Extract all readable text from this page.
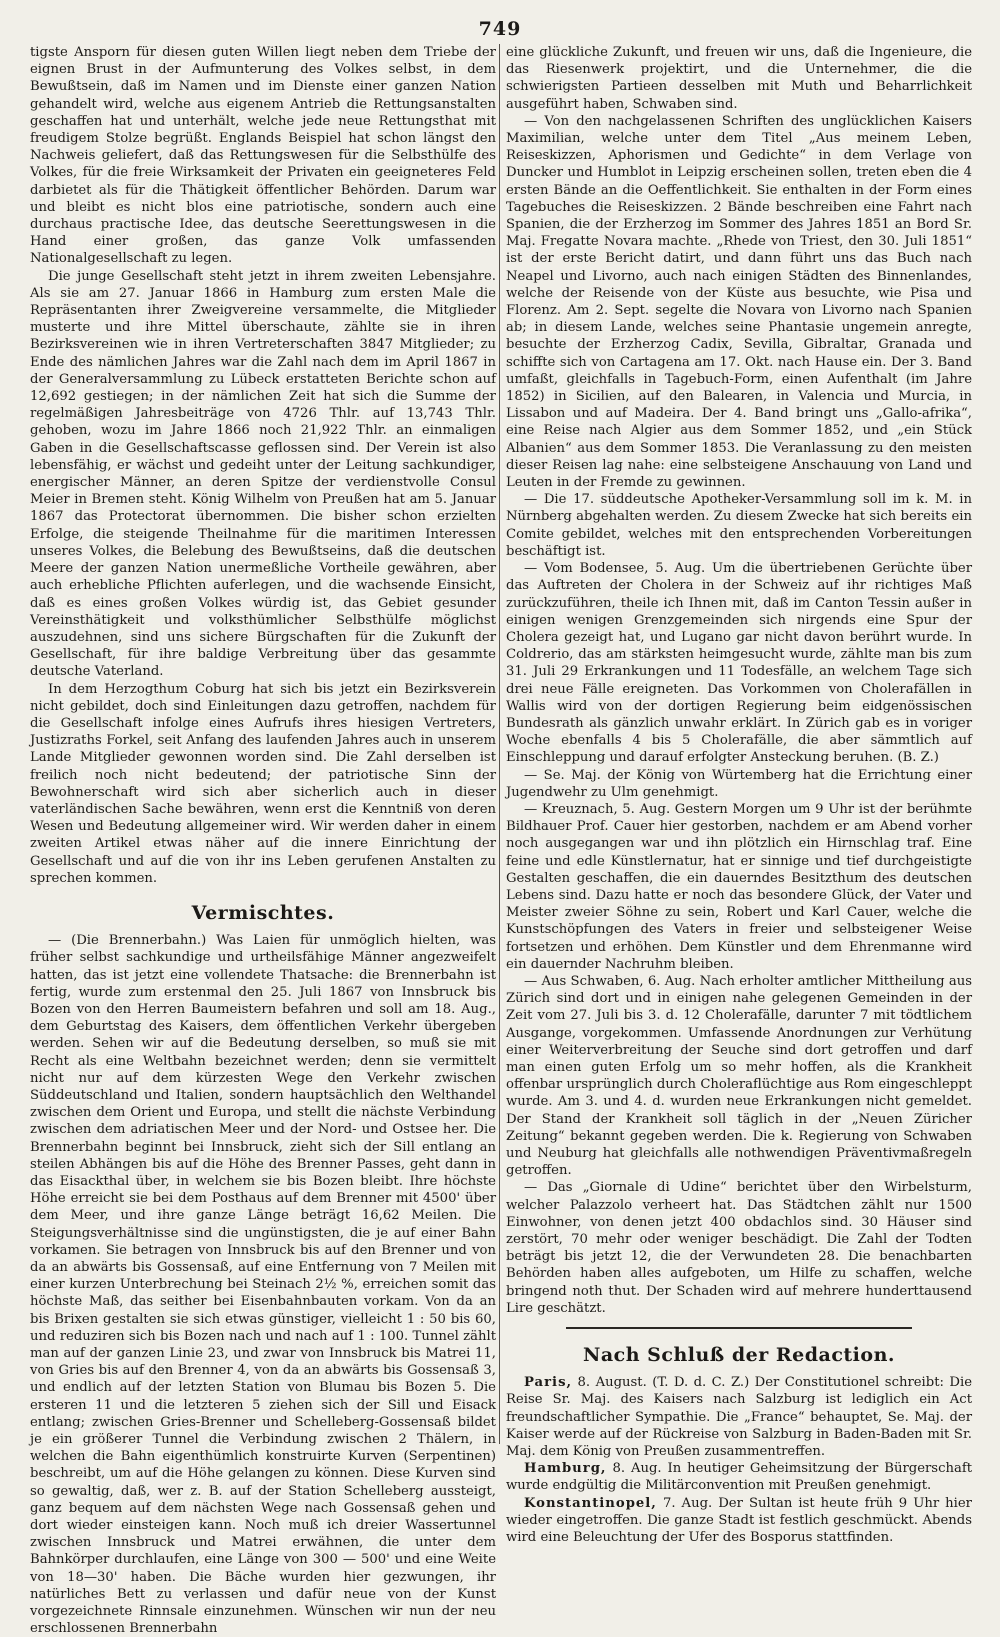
749

tigste Ansporn für diesen guten Willen liegt neben dem Triebe der eignen Brust in der Aufmunterung des Volkes selbst, in dem Bewußtsein, daß im Namen und im Dienste einer ganzen Nation gehandelt wird, welche aus eigenem Antrieb die Rettungsanstalten geschaffen hat und unterhält, welche jede neue Rettungsthat mit freudigem Stolze begrüßt. Englands Beispiel hat schon längst den Nachweis geliefert, daß das Rettungswesen für die Selbsthülfe des Volkes, für die freie Wirksamkeit der Privaten ein geeigneteres Feld darbietet als für die Thätigkeit öffentlicher Behörden. Darum war und bleibt es nicht blos eine patriotische, sondern auch eine durchaus practische Idee, das deutsche Seerettungswesen in die Hand einer großen, das ganze Volk umfassenden Nationalgesellschaft zu legen.

Die junge Gesellschaft steht jetzt in ihrem zweiten Lebensjahre. Als sie am 27. Januar 1866 in Hamburg zum ersten Male die Repräsentanten ihrer Zweigvereine versammelte, die Mitglieder musterte und ihre Mittel überschaute, zählte sie in ihren Bezirksvereinen wie in ihren Vertreterschaften 3847 Mitglieder; zu Ende des nämlichen Jahres war die Zahl nach dem im April 1867 in der Generalversammlung zu Lübeck erstatteten Berichte schon auf 12,692 gestiegen; in der nämlichen Zeit hat sich die Summe der regelmäßigen Jahresbeiträge von 4726 Thlr. auf 13,743 Thlr. gehoben, wozu im Jahre 1866 noch 21,922 Thlr. an einmaligen Gaben in die Gesellschaftscasse geflossen sind. Der Verein ist also lebensfähig, er wächst und gedeiht unter der Leitung sachkundiger, energischer Männer, an deren Spitze der verdienstvolle Consul Meier in Bremen steht. König Wilhelm von Preußen hat am 5. Januar 1867 das Protectorat übernommen. Die bisher schon erzielten Erfolge, die steigende Theilnahme für die maritimen Interessen unseres Volkes, die Belebung des Bewußtseins, daß die deutschen Meere der ganzen Nation unermeßliche Vortheile gewähren, aber auch erhebliche Pflichten auferlegen, und die wachsende Einsicht, daß es eines großen Volkes würdig ist, das Gebiet gesunder Vereinsthätigkeit und volksthümlicher Selbsthülfe möglichst auszudehnen, sind uns sichere Bürgschaften für die Zukunft der Gesellschaft, für ihre baldige Verbreitung über das gesammte deutsche Vaterland.

In dem Herzogthum Coburg hat sich bis jetzt ein Bezirksverein nicht gebildet, doch sind Einleitungen dazu getroffen, nachdem für die Gesellschaft infolge eines Aufrufs ihres hiesigen Vertreters, Justizraths Forkel, seit Anfang des laufenden Jahres auch in unserem Lande Mitglieder gewonnen worden sind. Die Zahl derselben ist freilich noch nicht bedeutend; der patriotische Sinn der Bewohnerschaft wird sich aber sicherlich auch in dieser vaterländischen Sache bewähren, wenn erst die Kenntniß von deren Wesen und Bedeutung allgemeiner wird. Wir werden daher in einem zweiten Artikel etwas näher auf die innere Einrichtung der Gesellschaft und auf die von ihr ins Leben gerufenen Anstalten zu sprechen kommen.

Vermischtes.

— (Die Brennerbahn.) Was Laien für unmöglich hielten, was früher selbst sachkundige und urtheilsfähige Männer angezweifelt hatten, das ist jetzt eine vollendete Thatsache: die Brennerbahn ist fertig, wurde zum erstenmal den 25. Juli 1867 von Innsbruck bis Bozen von den Herren Baumeistern befahren und soll am 18. Aug., dem Geburtstag des Kaisers, dem öffentlichen Verkehr übergeben werden. Sehen wir auf die Bedeutung derselben, so muß sie mit Recht als eine Weltbahn bezeichnet werden; denn sie vermittelt nicht nur auf dem kürzesten Wege den Verkehr zwischen Süddeutschland und Italien, sondern hauptsächlich den Welthandel zwischen dem Orient und Europa, und stellt die nächste Verbindung zwischen dem adriatischen Meer und der Nord- und Ostsee her. Die Brennerbahn beginnt bei Innsbruck, zieht sich der Sill entlang an steilen Abhängen bis auf die Höhe des Brenner Passes, geht dann in das Eisackthal über, in welchem sie bis Bozen bleibt. Ihre höchste Höhe erreicht sie bei dem Posthaus auf dem Brenner mit 4500' über dem Meer, und ihre ganze Länge beträgt 16,62 Meilen. Die Steigungsverhältnisse sind die ungünstigsten, die je auf einer Bahn vorkamen. Sie betragen von Innsbruck bis auf den Brenner und von da an abwärts bis Gossensaß, auf eine Entfernung von 7 Meilen mit einer kurzen Unterbrechung bei Steinach 2½ %, erreichen somit das höchste Maß, das seither bei Eisenbahnbauten vorkam. Von da an bis Brixen gestalten sie sich etwas günstiger, vielleicht 1 : 50 bis 60, und reduziren sich bis Bozen nach und nach auf 1 : 100. Tunnel zählt man auf der ganzen Linie 23, und zwar von Innsbruck bis Matrei 11, von Gries bis auf den Brenner 4, von da an abwärts bis Gossensaß 3, und endlich auf der letzten Station von Blumau bis Bozen 5. Die ersteren 11 und die letzteren 5 ziehen sich der Sill und Eisack entlang; zwischen Gries-Brenner und Schelleberg-Gossensaß bildet je ein größerer Tunnel die Verbindung zwischen 2 Thälern, in welchen die Bahn eigenthümlich konstruirte Kurven (Serpentinen) beschreibt, um auf die Höhe gelangen zu können. Diese Kurven sind so gewaltig, daß, wer z. B. auf der Station Schelleberg aussteigt, ganz bequem auf dem nächsten Wege nach Gossensaß gehen und dort wieder einsteigen kann. Noch muß ich dreier Wassertunnel zwischen Innsbruck und Matrei erwähnen, die unter dem Bahnkörper durchlaufen, eine Länge von 300 — 500' und eine Weite von 18—30' haben. Die Bäche wurden hier gezwungen, ihr natürliches Bett zu verlassen und dafür neue von der Kunst vorgezeichnete Rinnsale einzunehmen. Wünschen wir nun der neu erschlossenen Brennerbahn

eine glückliche Zukunft, und freuen wir uns, daß die Ingenieure, die das Riesenwerk projektirt, und die Unternehmer, die die schwierigsten Partieen desselben mit Muth und Beharrlichkeit ausgeführt haben, Schwaben sind.

— Von den nachgelassenen Schriften des unglücklichen Kaisers Maximilian, welche unter dem Titel „Aus meinem Leben, Reiseskizzen, Aphorismen und Gedichte“ in dem Verlage von Duncker und Humblot in Leipzig erscheinen sollen, treten eben die 4 ersten Bände an die Oeffentlichkeit. Sie enthalten in der Form eines Tagebuches die Reiseskizzen. 2 Bände beschreiben eine Fahrt nach Spanien, die der Erzherzog im Sommer des Jahres 1851 an Bord Sr. Maj. Fregatte Novara machte. „Rhede von Triest, den 30. Juli 1851“ ist der erste Bericht datirt, und dann führt uns das Buch nach Neapel und Livorno, auch nach einigen Städten des Binnenlandes, welche der Reisende von der Küste aus besuchte, wie Pisa und Florenz. Am 2. Sept. segelte die Novara von Livorno nach Spanien ab; in diesem Lande, welches seine Phantasie ungemein anregte, besuchte der Erzherzog Cadix, Sevilla, Gibraltar, Granada und schiffte sich von Cartagena am 17. Okt. nach Hause ein. Der 3. Band umfaßt, gleichfalls in Tagebuch-Form, einen Aufenthalt (im Jahre 1852) in Sicilien, auf den Balearen, in Valencia und Murcia, in Lissabon und auf Madeira. Der 4. Band bringt uns „Gallo-afrika“, eine Reise nach Algier aus dem Sommer 1852, und „ein Stück Albanien“ aus dem Sommer 1853. Die Veranlassung zu den meisten dieser Reisen lag nahe: eine selbsteigene Anschauung von Land und Leuten in der Fremde zu gewinnen.

— Die 17. süddeutsche Apotheker-Versammlung soll im k. M. in Nürnberg abgehalten werden. Zu diesem Zwecke hat sich bereits ein Comite gebildet, welches mit den entsprechenden Vorbereitungen beschäftigt ist.

— Vom Bodensee, 5. Aug. Um die übertriebenen Gerüchte über das Auftreten der Cholera in der Schweiz auf ihr richtiges Maß zurückzuführen, theile ich Ihnen mit, daß im Canton Tessin außer in einigen wenigen Grenzgemeinden sich nirgends eine Spur der Cholera gezeigt hat, und Lugano gar nicht davon berührt wurde. In Coldrerio, das am stärksten heimgesucht wurde, zählte man bis zum 31. Juli 29 Erkrankungen und 11 Todesfälle, an welchem Tage sich drei neue Fälle ereigneten. Das Vorkommen von Cholerafällen in Wallis wird von der dortigen Regierung beim eidgenössischen Bundesrath als gänzlich unwahr erklärt. In Zürich gab es in voriger Woche ebenfalls 4 bis 5 Cholerafälle, die aber sämmtlich auf Einschleppung und darauf erfolgter Ansteckung beruhen. (B. Z.)

— Se. Maj. der König von Würtemberg hat die Errichtung einer Jugendwehr zu Ulm genehmigt.

— Kreuznach, 5. Aug. Gestern Morgen um 9 Uhr ist der berühmte Bildhauer Prof. Cauer hier gestorben, nachdem er am Abend vorher noch ausgegangen war und ihn plötzlich ein Hirnschlag traf. Eine feine und edle Künstlernatur, hat er sinnige und tief durchgeistigte Gestalten geschaffen, die ein dauerndes Besitzthum des deutschen Lebens sind. Dazu hatte er noch das besondere Glück, der Vater und Meister zweier Söhne zu sein, Robert und Karl Cauer, welche die Kunstschöpfungen des Vaters in freier und selbsteigener Weise fortsetzen und erhöhen. Dem Künstler und dem Ehrenmanne wird ein dauernder Nachruhm bleiben.

— Aus Schwaben, 6. Aug. Nach erholter amtlicher Mittheilung aus Zürich sind dort und in einigen nahe gelegenen Gemeinden in der Zeit vom 27. Juli bis 3. d. 12 Cholerafälle, darunter 7 mit tödtlichem Ausgange, vorgekommen. Umfassende Anordnungen zur Verhütung einer Weiterverbreitung der Seuche sind dort getroffen und darf man einen guten Erfolg um so mehr hoffen, als die Krankheit offenbar ursprünglich durch Choleraflüchtige aus Rom eingeschleppt wurde. Am 3. und 4. d. wurden neue Erkrankungen nicht gemeldet. Der Stand der Krankheit soll täglich in der „Neuen Züricher Zeitung“ bekannt gegeben werden. Die k. Regierung von Schwaben und Neuburg hat gleichfalls alle nothwendigen Präventivmaßregeln getroffen.

— Das „Giornale di Udine“ berichtet über den Wirbelsturm, welcher Palazzolo verheert hat. Das Städtchen zählt nur 1500 Einwohner, von denen jetzt 400 obdachlos sind. 30 Häuser sind zerstört, 70 mehr oder weniger beschädigt. Die Zahl der Todten beträgt bis jetzt 12, die der Verwundeten 28. Die benachbarten Behörden haben alles aufgeboten, um Hilfe zu schaffen, welche bringend noth thut. Der Schaden wird auf mehrere hunderttausend Lire geschätzt.

Nach Schluß der Redaction.

Paris, 8. August. (T. D. d. C. Z.) Der Constitutionel schreibt: Die Reise Sr. Maj. des Kaisers nach Salzburg ist lediglich ein Act freundschaftlicher Sympathie. Die „France“ behauptet, Se. Maj. der Kaiser werde auf der Rückreise von Salzburg in Baden-Baden mit Sr. Maj. dem König von Preußen zusammentreffen.

Hamburg, 8. Aug. In heutiger Geheimsitzung der Bürgerschaft wurde endgültig die Militärconvention mit Preußen genehmigt.

Konstantinopel, 7. Aug. Der Sultan ist heute früh 9 Uhr hier wieder eingetroffen. Die ganze Stadt ist festlich geschmückt. Abends wird eine Beleuchtung der Ufer des Bosporus stattfinden.
